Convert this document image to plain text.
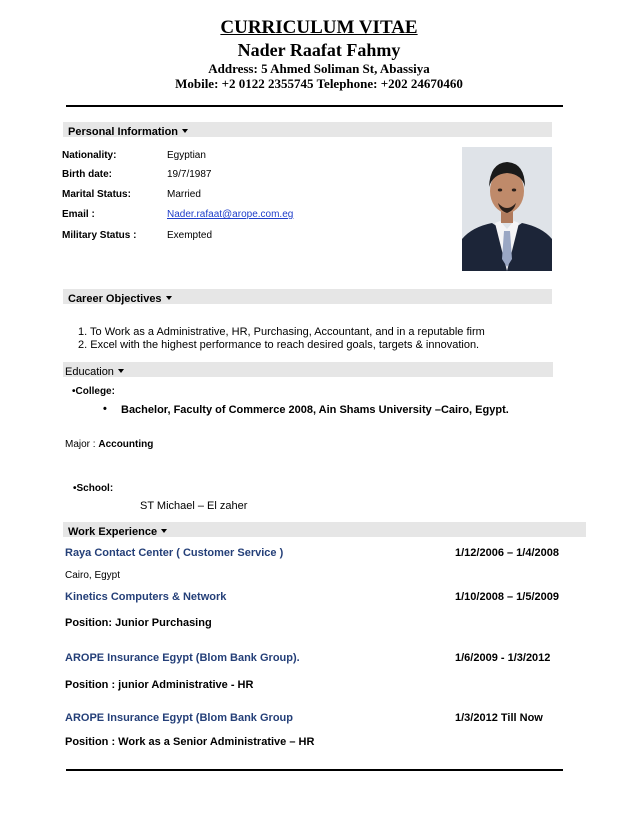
CURRICULUM VITAE
Nader Raafat Fahmy
Address: 5 Ahmed Soliman St, Abassiya
Mobile: +2 0122 2355745 Telephone: +202 24670460
Personal Information
Nationality:	Egyptian
Birth date:	19/7/1987
Marital Status:	Married
Email :	Nader.rafaat@arope.com.eg
Military Status :	Exempted
Career Objectives
1. To Work as a Administrative, HR, Purchasing, Accountant, and in a reputable firm
2. Excel with the highest performance to reach desired goals, targets & innovation.
Education
•College:
• Bachelor, Faculty of Commerce 2008, Ain Shams University –Cairo, Egypt.
Major : Accounting
•School:
ST Michael – El zaher
Work Experience
Raya Contact Center ( Customer Service )	1/12/2006 – 1/4/2008
Cairo, Egypt
Kinetics Computers & Network	1/10/2008 – 1/5/2009
Position: Junior Purchasing
AROPE Insurance Egypt (Blom Bank Group).	1/6/2009 - 1/3/2012
Position : junior Administrative - HR
AROPE Insurance Egypt (Blom Bank Group	1/3/2012 Till Now
Position : Work as a Senior Administrative – HR
